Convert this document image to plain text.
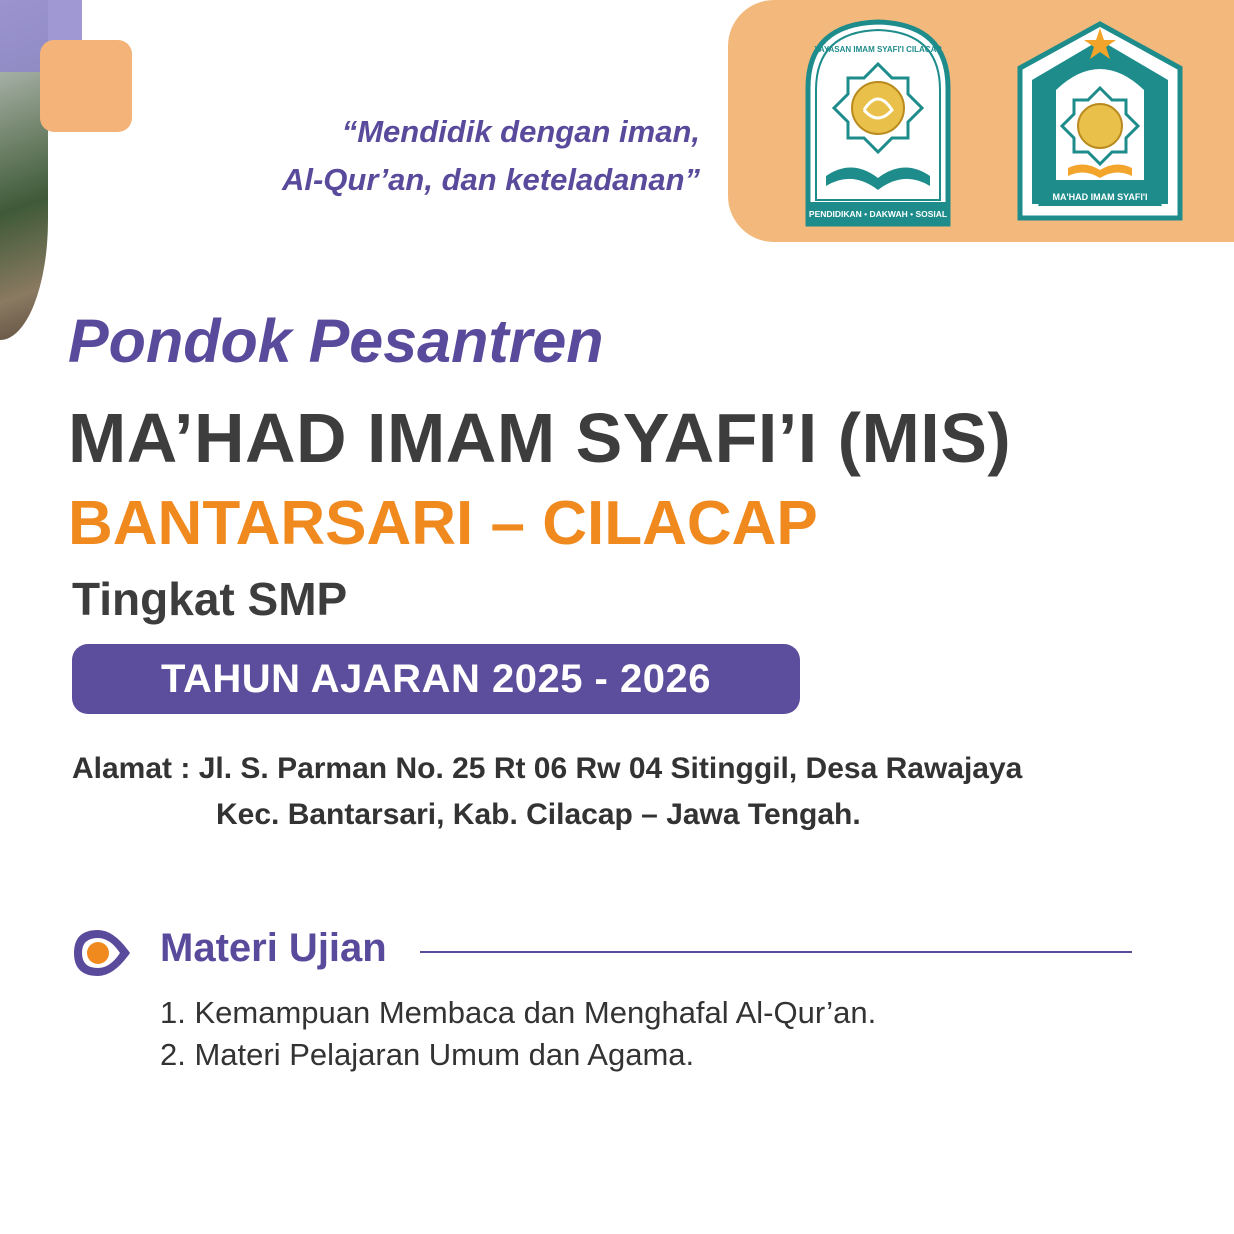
PENDIDIKAN • DAKWAH • SOSIAL
YAYASAN IMAM SYAFI'I CILACAP
MA'HAD IMAM SYAFI'I
“Mendidik dengan iman,
Al-Qur’an, dan keteladanan”
Pondok Pesantren
MA’HAD IMAM SYAFI’I (MIS)
BANTARSARI – CILACAP
Tingkat SMP
TAHUN AJARAN 2025 - 2026
Alamat : Jl. S. Parman No. 25 Rt 06 Rw 04 Sitinggil, Desa Rawajaya
Kec. Bantarsari, Kab. Cilacap – Jawa Tengah.
Materi Ujian
1. Kemampuan Membaca dan Menghafal Al-Qur’an.
2. Materi Pelajaran Umum dan Agama.
